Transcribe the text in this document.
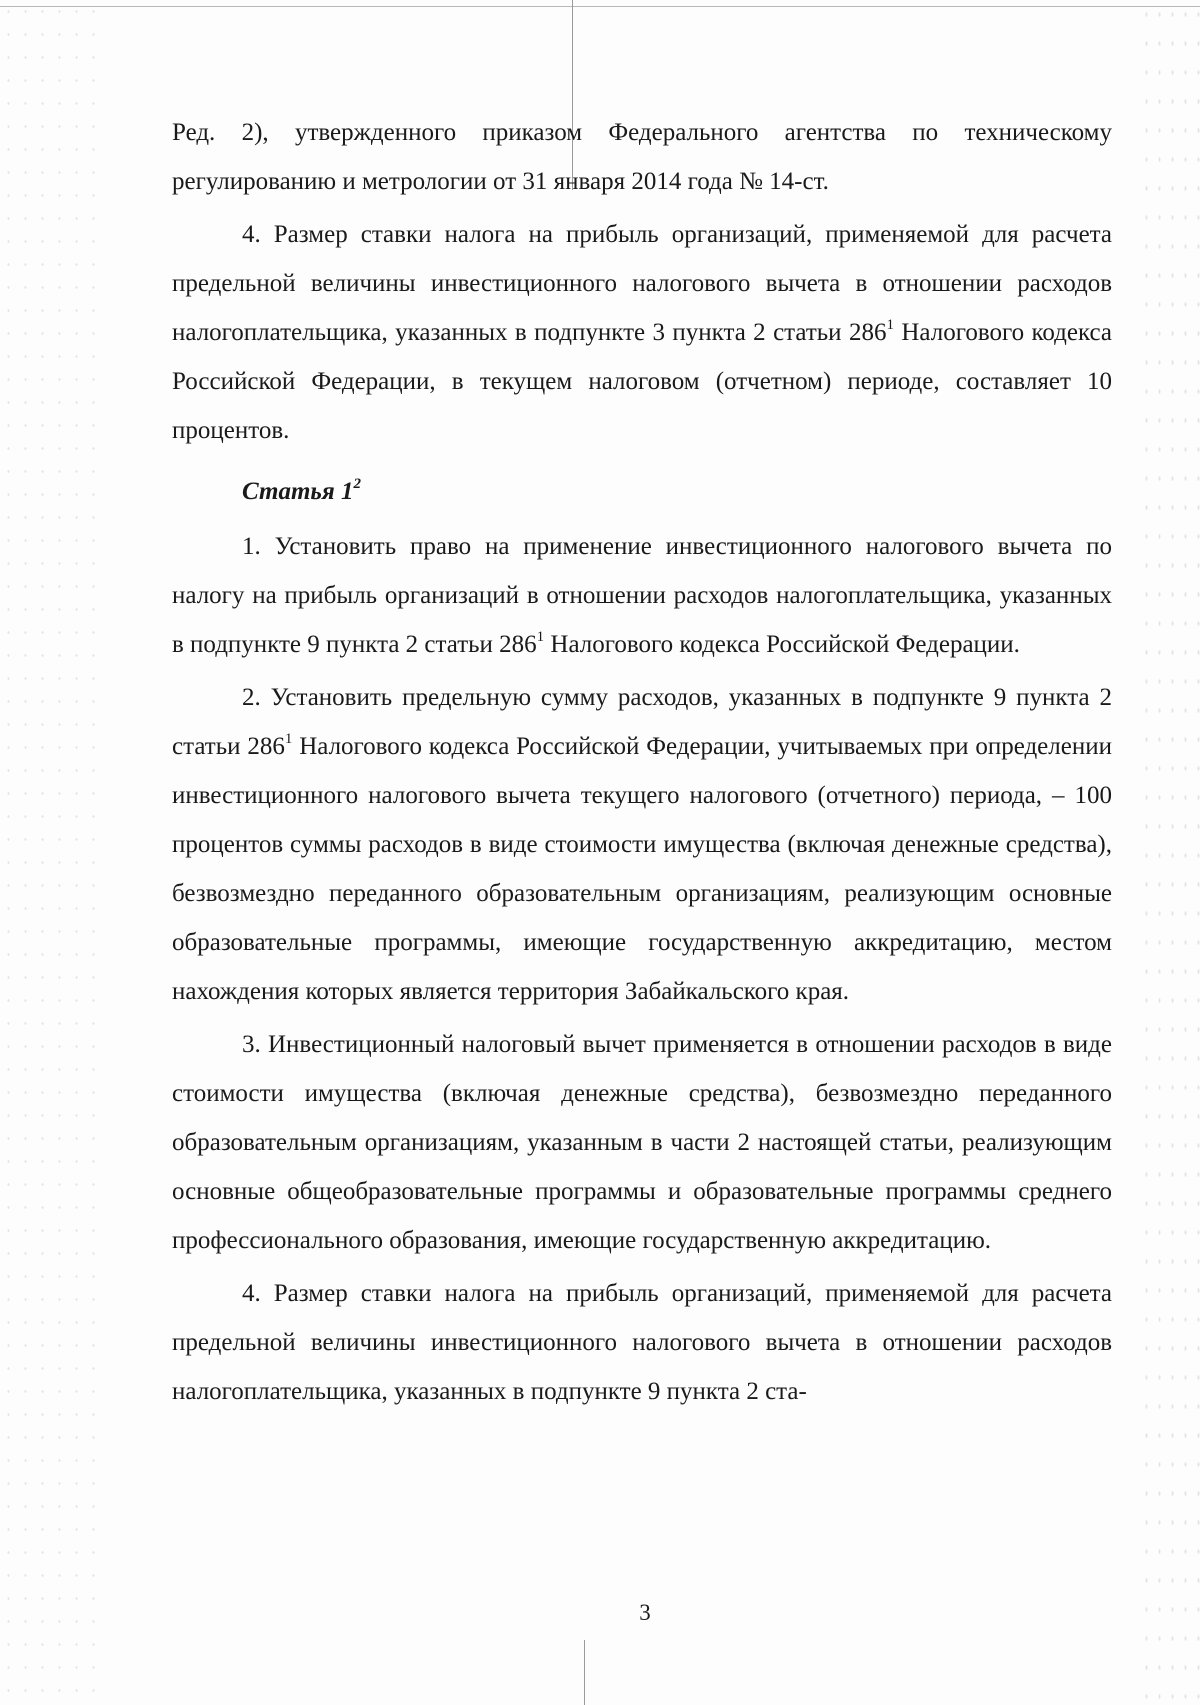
Ред. 2), утвержденного приказом Федерального агентства по техническому регулированию и метрологии от 31 января 2014 года № 14-ст.

4. Размер ставки налога на прибыль организаций, применяемой для расчета предельной величины инвестиционного налогового вычета в отношении расходов налогоплательщика, указанных в подпункте 3 пункта 2 статьи $286^1$ Налогового кодекса Российской Федерации, в текущем налоговом (отчетном) периоде, составляет 10 процентов.

Статья $1^2$

1. Установить право на применение инвестиционного налогового вычета по налогу на прибыль организаций в отношении расходов налогоплательщика, указанных в подпункте 9 пункта 2 статьи $286^1$ Налогового кодекса Российской Федерации.

2. Установить предельную сумму расходов, указанных в подпункте 9 пункта 2 статьи $286^1$ Налогового кодекса Российской Федерации, учитываемых при определении инвестиционного налогового вычета текущего налогового (отчетного) периода, – 100 процентов суммы расходов в виде стоимости имущества (включая денежные средства), безвозмездно переданного образовательным организациям, реализующим основные образовательные программы, имеющие государственную аккредитацию, местом нахождения которых является территория Забайкальского края.

3. Инвестиционный налоговый вычет применяется в отношении расходов в виде стоимости имущества (включая денежные средства), безвозмездно переданного образовательным организациям, указанным в части 2 настоящей статьи, реализующим основные общеобразовательные программы и образовательные программы среднего профессионального образования, имеющие государственную аккредитацию.

4. Размер ставки налога на прибыль организаций, применяемой для расчета предельной величины инвестиционного налогового вычета в отношении расходов налогоплательщика, указанных в подпункте 9 пункта 2 ста-

3
